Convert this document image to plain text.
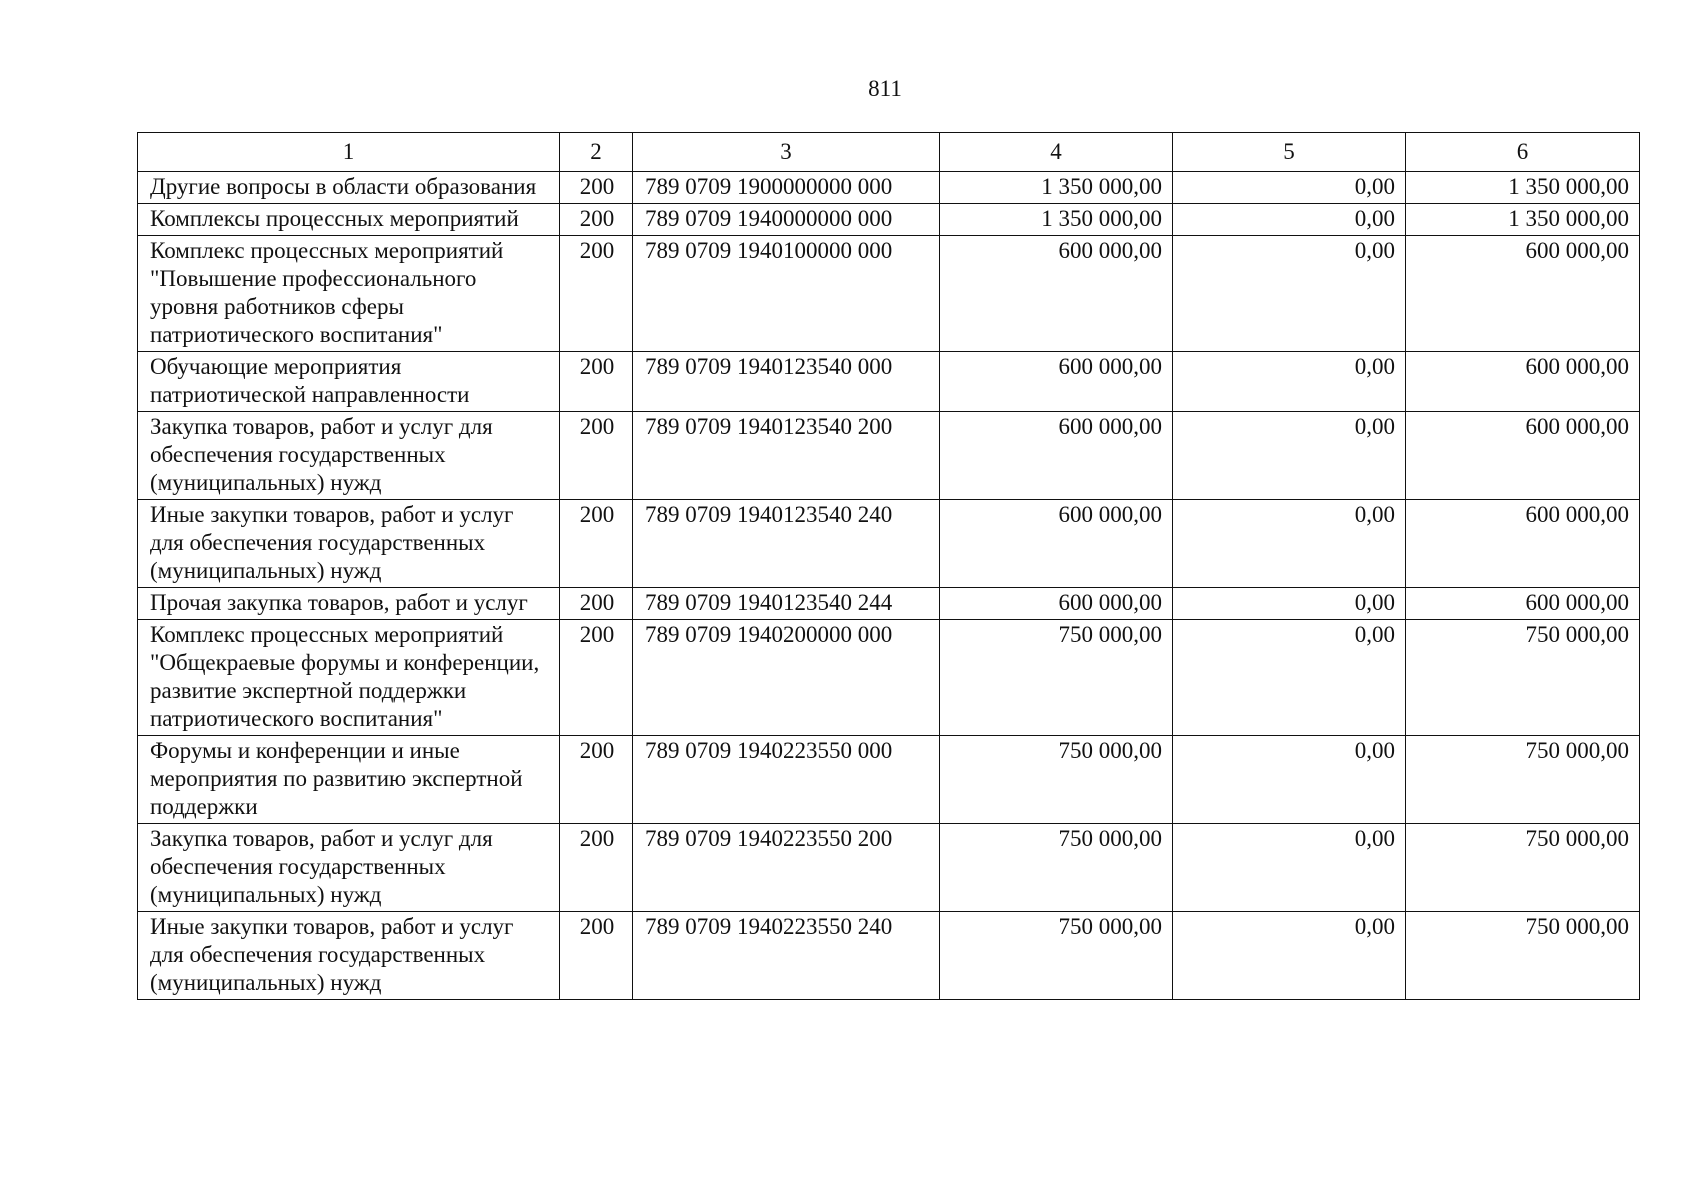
811
1	2	3	4	5	6
Другие вопросы в области образования	200	789 0709 1900000000 000	1 350 000,00	0,00	1 350 000,00
Комплексы процессных мероприятий	200	789 0709 1940000000 000	1 350 000,00	0,00	1 350 000,00
Комплекс процессных мероприятий "Повышение профессионального уровня работников сферы патриотического воспитания"	200	789 0709 1940100000 000	600 000,00	0,00	600 000,00
Обучающие мероприятия патриотической направленности	200	789 0709 1940123540 000	600 000,00	0,00	600 000,00
Закупка товаров, работ и услуг для обеспечения государственных (муниципальных) нужд	200	789 0709 1940123540 200	600 000,00	0,00	600 000,00
Иные закупки товаров, работ и услуг для обеспечения государственных (муниципальных) нужд	200	789 0709 1940123540 240	600 000,00	0,00	600 000,00
Прочая закупка товаров, работ и услуг	200	789 0709 1940123540 244	600 000,00	0,00	600 000,00
Комплекс процессных мероприятий "Общекраевые форумы и конференции, развитие экспертной поддержки патриотического воспитания"	200	789 0709 1940200000 000	750 000,00	0,00	750 000,00
Форумы и конференции и иные мероприятия по развитию экспертной поддержки	200	789 0709 1940223550 000	750 000,00	0,00	750 000,00
Закупка товаров, работ и услуг для обеспечения государственных (муниципальных) нужд	200	789 0709 1940223550 200	750 000,00	0,00	750 000,00
Иные закупки товаров, работ и услуг для обеспечения государственных (муниципальных) нужд	200	789 0709 1940223550 240	750 000,00	0,00	750 000,00
